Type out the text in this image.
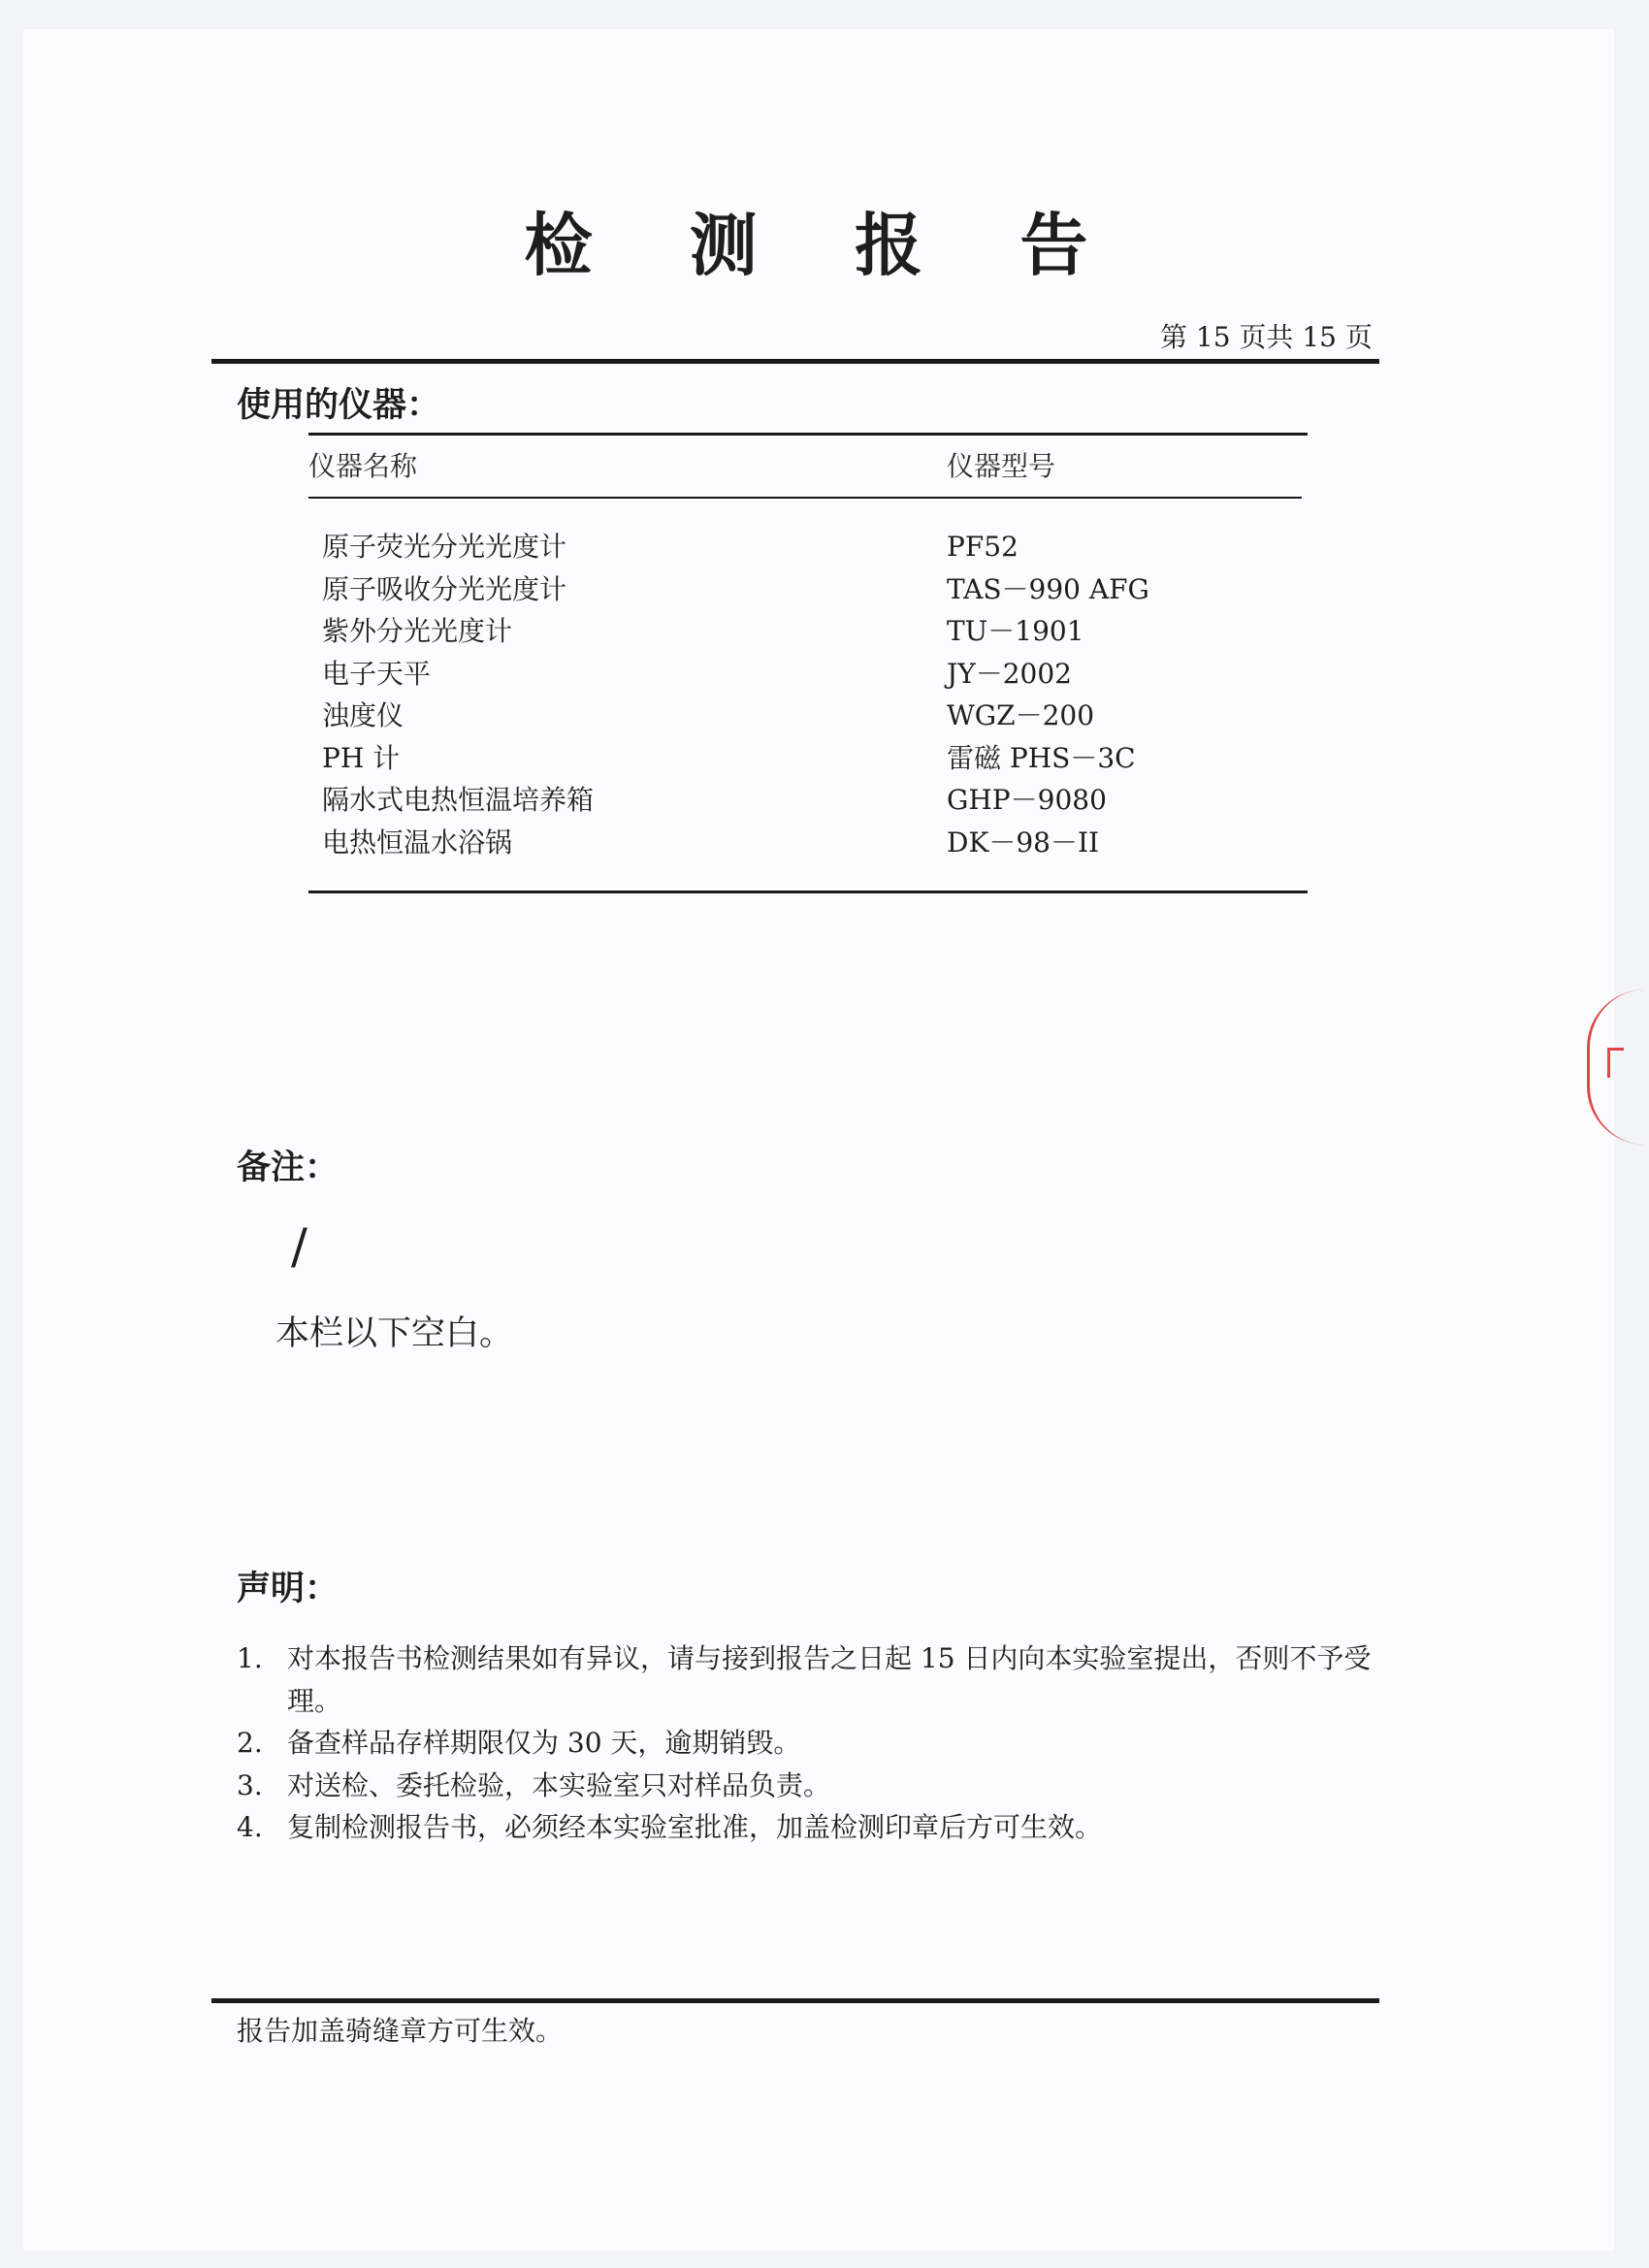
检 测 报 告
第 15 页共 15 页
使用的仪器：
仪器名称	仪器型号
原子荧光分光光度计	PF52
原子吸收分光光度计	TAS－990 AFG
紫外分光光度计	TU－1901
电子天平	JY－2002
浊度仪	WGZ－200
PH 计	雷磁 PHS－3C
隔水式电热恒温培养箱	GHP－9080
电热恒温水浴锅	DK－98－II
备注：
/
本栏以下空白。
声明：
1. 对本报告书检测结果如有异议，请与接到报告之日起 15 日内向本实验室提出，否则不予受理。
2. 备查样品存样期限仅为 30 天，逾期销毁。
3. 对送检、委托检验，本实验室只对样品负责。
4. 复制检测报告书，必须经本实验室批准，加盖检测印章后方可生效。
报告加盖骑缝章方可生效。
